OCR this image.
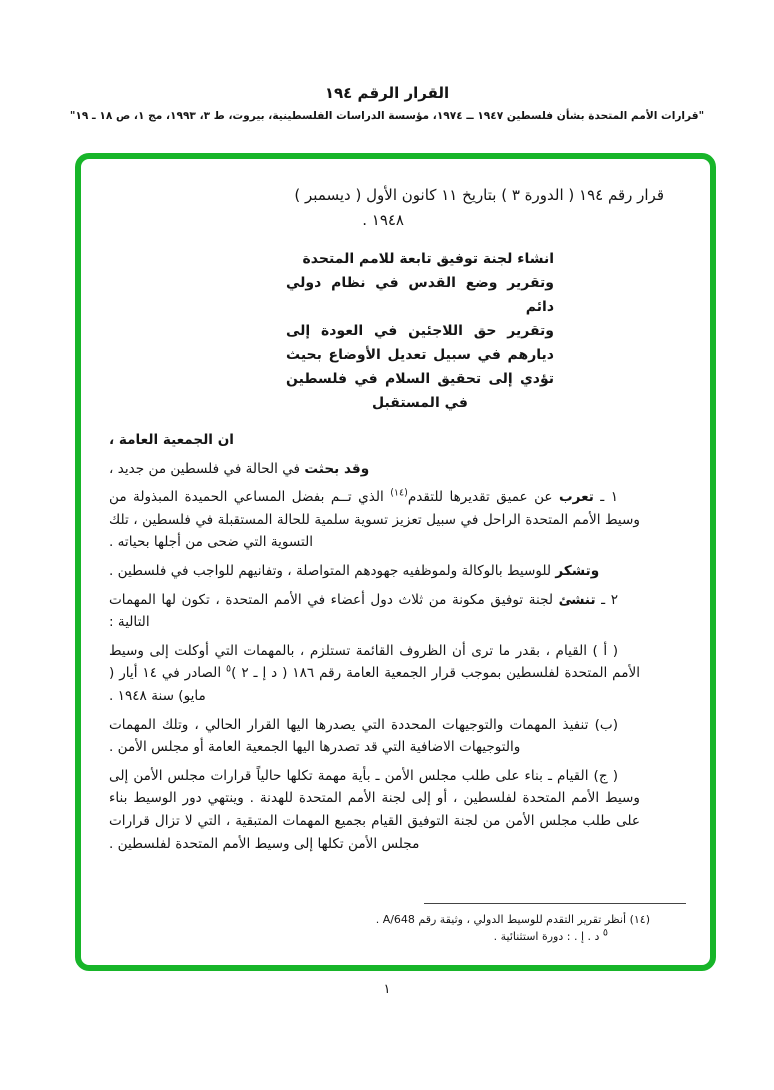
القرار الرقم ١٩٤
"قرارات الأمم المتحدة بشأن فلسطين ١٩٤٧ ــ ١٩٧٤، مؤسسة الدراسات الفلسطينية، بيروت، ط ٣، ١٩٩٣، مج ١، ص ١٨ ـ ١٩"
قرار رقم ١٩٤ ( الدورة ٣ ) بتاريخ ١١ كانون الأول ( ديسمبر )
١٩٤٨ .
انشاء لجنة توفيق تابعة للامم المتحدة
وتقرير وضع القدس في نظام دولي دائم
وتقرير حق اللاجئين في العودة إلى
ديارهم في سبيل تعديل الأوضاع بحيث
تؤدي إلى تحقيق السلام في فلسطين
في المستقبل

ان الجمعية العامة ،

وقد بحثت في الحالة في فلسطين من جديد ،

١ ـ تعرب عن عميق تقديرها للتقدم$^{(١٤)}$ الذي تــم بفضل المساعي الحميدة المبذولة من وسيط الأمم المتحدة الراحل في سبيل تعزيز تسوية سلمية للحالة المستقبلة في فلسطين ، تلك التسوية التي ضحى من أجلها بحياته .

وتشكر للوسيط بالوكالة ولموظفيه جهودهم المتواصلة ، وتفانيهم للواجب في فلسطين .

٢ ـ تنشئ لجنة توفيق مكونة من ثلاث دول أعضاء في الأمم المتحدة ، تكون لها المهمات التالية :

( أ ) القيام ، بقدر ما ترى أن الظروف القائمة تستلزم ، بالمهمات التي أوكلت إلى وسيط الأمم المتحدة لفلسطين بموجب قرار الجمعية العامة رقم ١٨٦ ( د إ ـ ٢ )$^٥$ الصادر في ١٤ أيار ( مايو) سنة ١٩٤٨ .

(ب) تنفيذ المهمات والتوجيهات المحددة التي يصدرها اليها القرار الحالي ، وتلك المهمات والتوجيهات الاضافية التي قد تصدرها اليها الجمعية العامة أو مجلس الأمن .

( ج) القيام ـ بناء على طلب مجلس الأمن ـ بأية مهمة تكلها حالياً قرارات مجلس الأمن إلى وسيط الأمم المتحدة لفلسطين ، أو إلى لجنة الأمم المتحدة للهدنة . وينتهي دور الوسيط بناء على طلب مجلس الأمن من لجنة التوفيق القيام بجميع المهمات المتبقية ، التي لا تزال قرارات مجلس الأمن تكلها إلى وسيط الأمم المتحدة لفلسطين .

(١٤) أنظر تقرير التقدم للوسيط الدولي ، وثيقة رقم A/648 .
$^٥$ د . إ . : دورة استثنائية .
١
